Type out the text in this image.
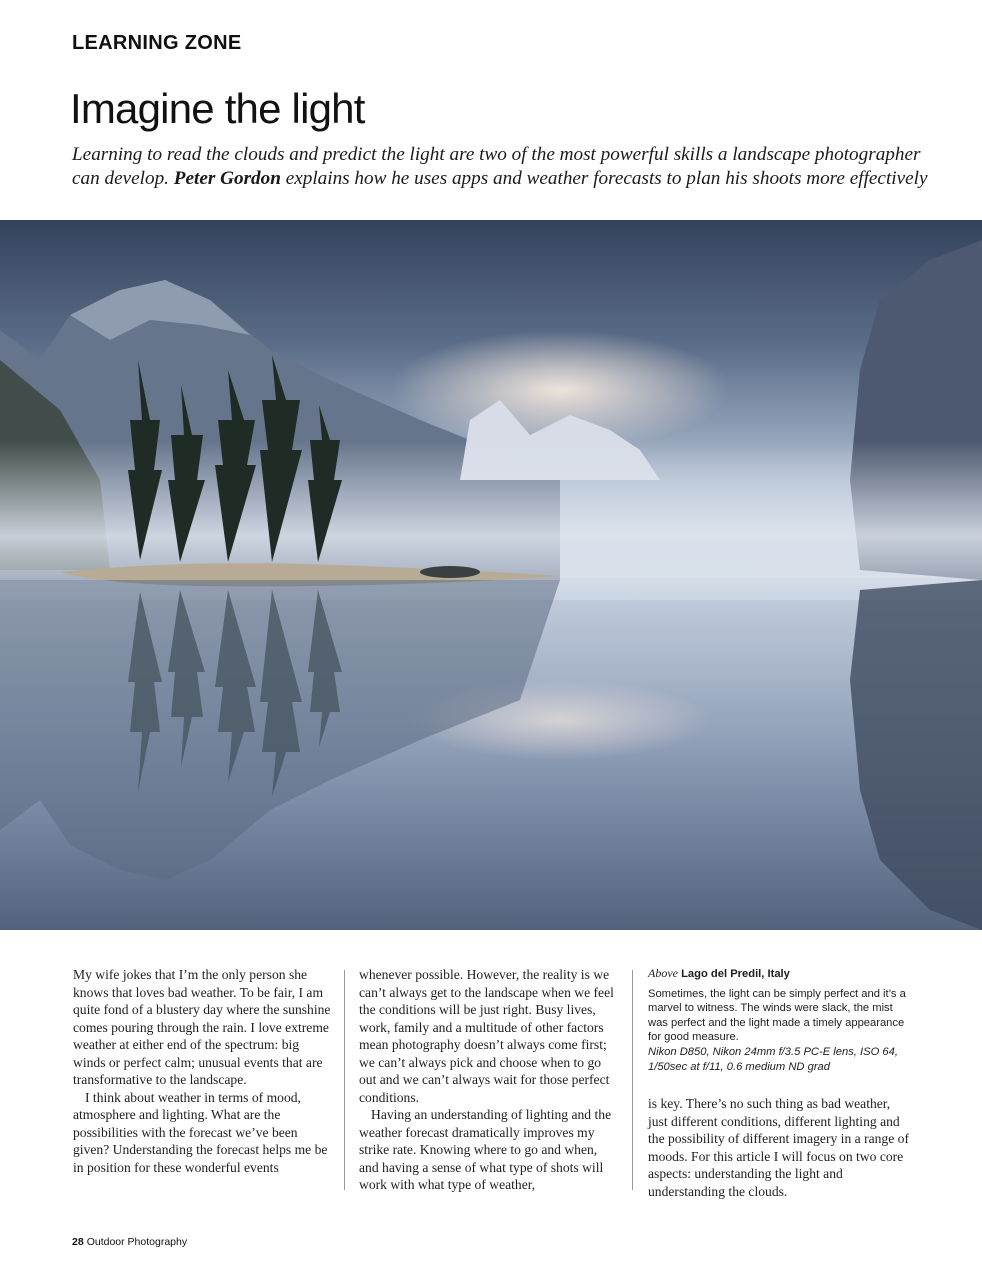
LEARNING ZONE
Imagine the light

Learning to read the clouds and predict the light are two of the most powerful skills a landscape photographer can develop. Peter Gordon explains how he uses apps and weather forecasts to plan his shoots more effectively

My wife jokes that I’m the only person she knows that loves bad weather. To be fair, I am quite fond of a blustery day where the sunshine comes pouring through the rain. I love extreme weather at either end of the spectrum: big winds or perfect calm; unusual events that are transformative to the landscape.

I think about weather in terms of mood, atmosphere and lighting. What are the possibilities with the forecast we’ve been given? Understanding the forecast helps me be in position for these wonderful events

whenever possible. However, the reality is we can’t always get to the landscape when we feel the conditions will be just right. Busy lives, work, family and a multitude of other factors mean photography doesn’t always come first; we can’t always pick and choose when to go out and we can’t always wait for those perfect conditions.

Having an understanding of lighting and the weather forecast dramatically improves my strike rate. Knowing where to go and when, and having a sense of what type of shots will work with what type of weather,

Above Lago del Predil, Italy
Sometimes, the light can be simply perfect and it’s a marvel to witness. The winds were slack, the mist was perfect and the light made a timely appearance for good measure.
Nikon D850, Nikon 24mm f/3.5 PC-E lens, ISO 64, 1/50sec at f/11, 0.6 medium ND grad

is key. There’s no such thing as bad weather, just different conditions, different lighting and the possibility of different imagery in a range of moods. For this article I will focus on two core aspects: understanding the light and understanding the clouds.

28 Outdoor Photography
